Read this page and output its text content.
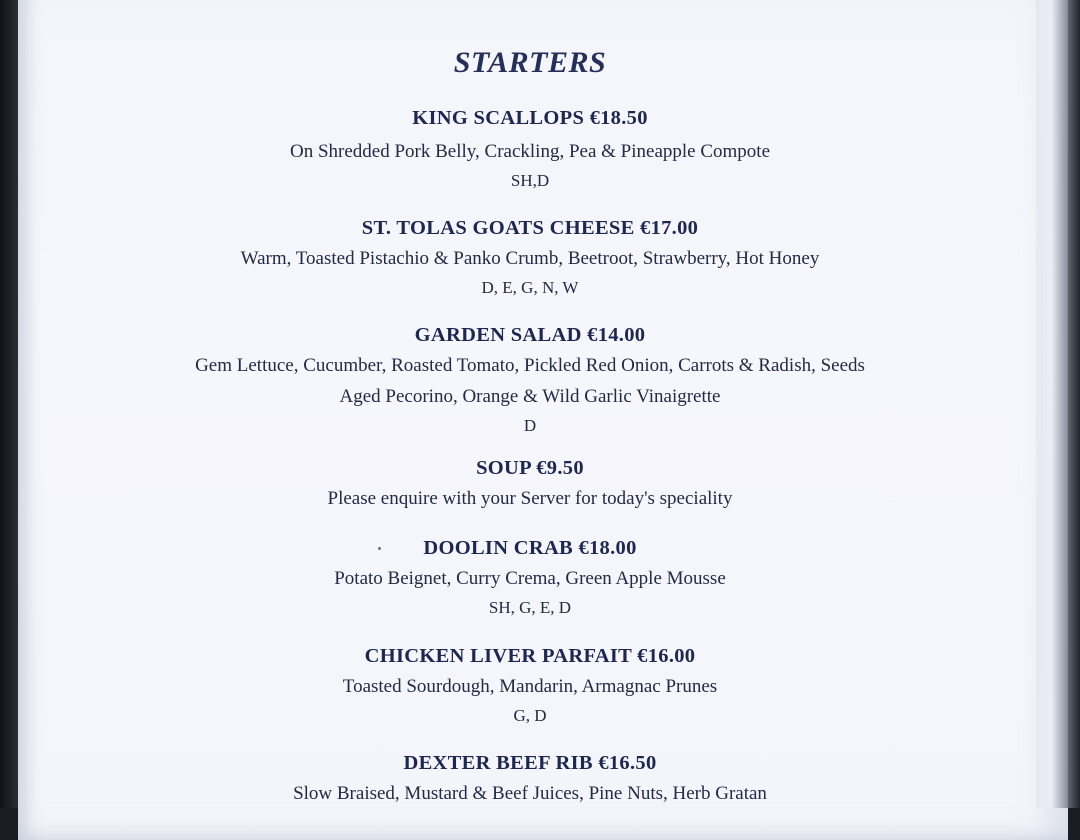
STARTERS
KING SCALLOPS €18.50
On Shredded Pork Belly, Crackling, Pea & Pineapple Compote
SH,D
ST. TOLAS GOATS CHEESE €17.00
Warm, Toasted Pistachio & Panko Crumb, Beetroot, Strawberry, Hot Honey
D, E, G, N, W
GARDEN SALAD €14.00
Gem Lettuce, Cucumber, Roasted Tomato, Pickled Red Onion, Carrots & Radish, Seeds
Aged Pecorino, Orange & Wild Garlic Vinaigrette
D
SOUP €9.50
Please enquire with your Server for today's speciality
DOOLIN CRAB €18.00
Potato Beignet, Curry Crema, Green Apple Mousse
SH, G, E, D
CHICKEN LIVER PARFAIT €16.00
Toasted Sourdough, Mandarin, Armagnac Prunes
G, D
DEXTER BEEF RIB €16.50
Slow Braised, Mustard & Beef Juices, Pine Nuts, Herb Gratan
